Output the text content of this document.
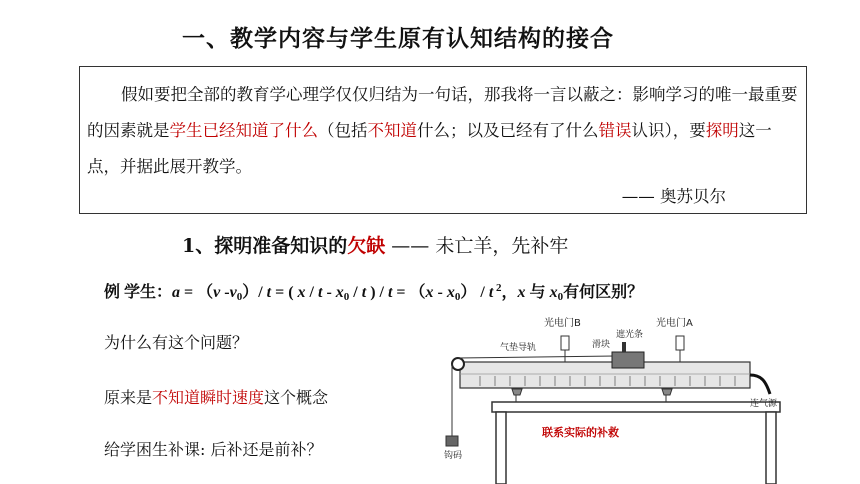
一、教学内容与学生原有认知结构的接合
假如要把全部的教育学心理学仅仅归结为一句话，那我将一言以蔽之：影响学习的唯一最重要的因素就是学生已经知道了什么（包括不知道什么；以及已经有了什么错误认识），要探明这一点，并据此展开教学。
—— 奥苏贝尔
1、探明准备知识的欠缺 —— 未亡羊，先补牢
例 学生：a = （v $-v_0)/$ t = ( x / t - $x_0$ / t ) / $t = (x - x_0) / t$ $^2$，x 与 $x_0$有何区别？
为什么有这个问题？
原来是不知道瞬时速度这个概念
给学困生补课: 后补还是前补？
光电门B	光电门A
遮光条
滑块
气垫导轨
连气源
钩码
联系实际的补救
